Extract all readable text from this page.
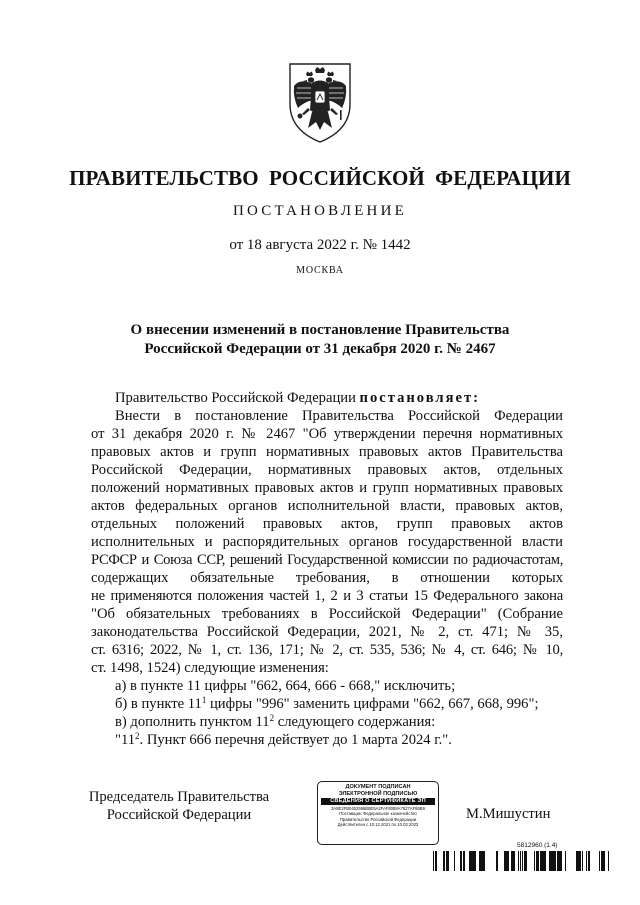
ПРАВИТЕЛЬСТВО РОССИЙСКОЙ ФЕДЕРАЦИИ
ПОСТАНОВЛЕНИЕ
от 18 августа 2022 г. № 1442
МОСКВА
О внесении изменений в постановление Правительства
Российской Федерации от 31 декабря 2020 г. № 2467

Правительство Российской Федерации постановляет:

Внести в постановление Правительства Российской Федерации
от 31 декабря 2020 г. № 2467 "Об утверждении перечня нормативных
правовых актов и групп нормативных правовых актов Правительства
Российской Федерации, нормативных правовых актов, отдельных
положений нормативных правовых актов и групп нормативных правовых
актов федеральных органов исполнительной власти, правовых актов,
отдельных положений правовых актов, групп правовых актов
исполнительных и распорядительных органов государственной власти
РСФСР и Союза ССР, решений Государственной комиссии по радиочастотам,
содержащих обязательные требования, в отношении которых
не применяются положения частей 1, 2 и 3 статьи 15 Федерального закона
"Об обязательных требованиях в Российской Федерации" (Собрание
законодательства Российской Федерации, 2021, № 2, ст. 471; № 35,
ст. 6316; 2022, № 1, ст. 136, 171; № 2, ст. 535, 536; № 4, ст. 646; № 10,
ст. 1498, 1524) следующие изменения:

а) в пункте 11 цифры "662, 664, 666 - 668," исключить;

б) в пункте $11^1$ цифры "996" заменить цифрами "662, 667, 668, 996";

в) дополнить пунктом $11^2$ следующего содержания:

"$11^2$. Пункт 666 перечня действует до 1 марта 2024 г.".

Председатель Правительства
Российской Федерации
ДОКУМЕНТ ПОДПИСАН
ЭЛЕКТРОННОЙ ПОДПИСЬЮ
СВЕДЕНИЯ О СЕРТИФИКАТЕ ЭП
3A8E2FB0452596B8E5A2FAF8088A7827AF86B9
Поставщик: Федеральное казначейство
Правительство Российской Федерации
Действителен с 10.12.2021 по 10.03.2023
М.Мишустин
5812960 (1.4)
